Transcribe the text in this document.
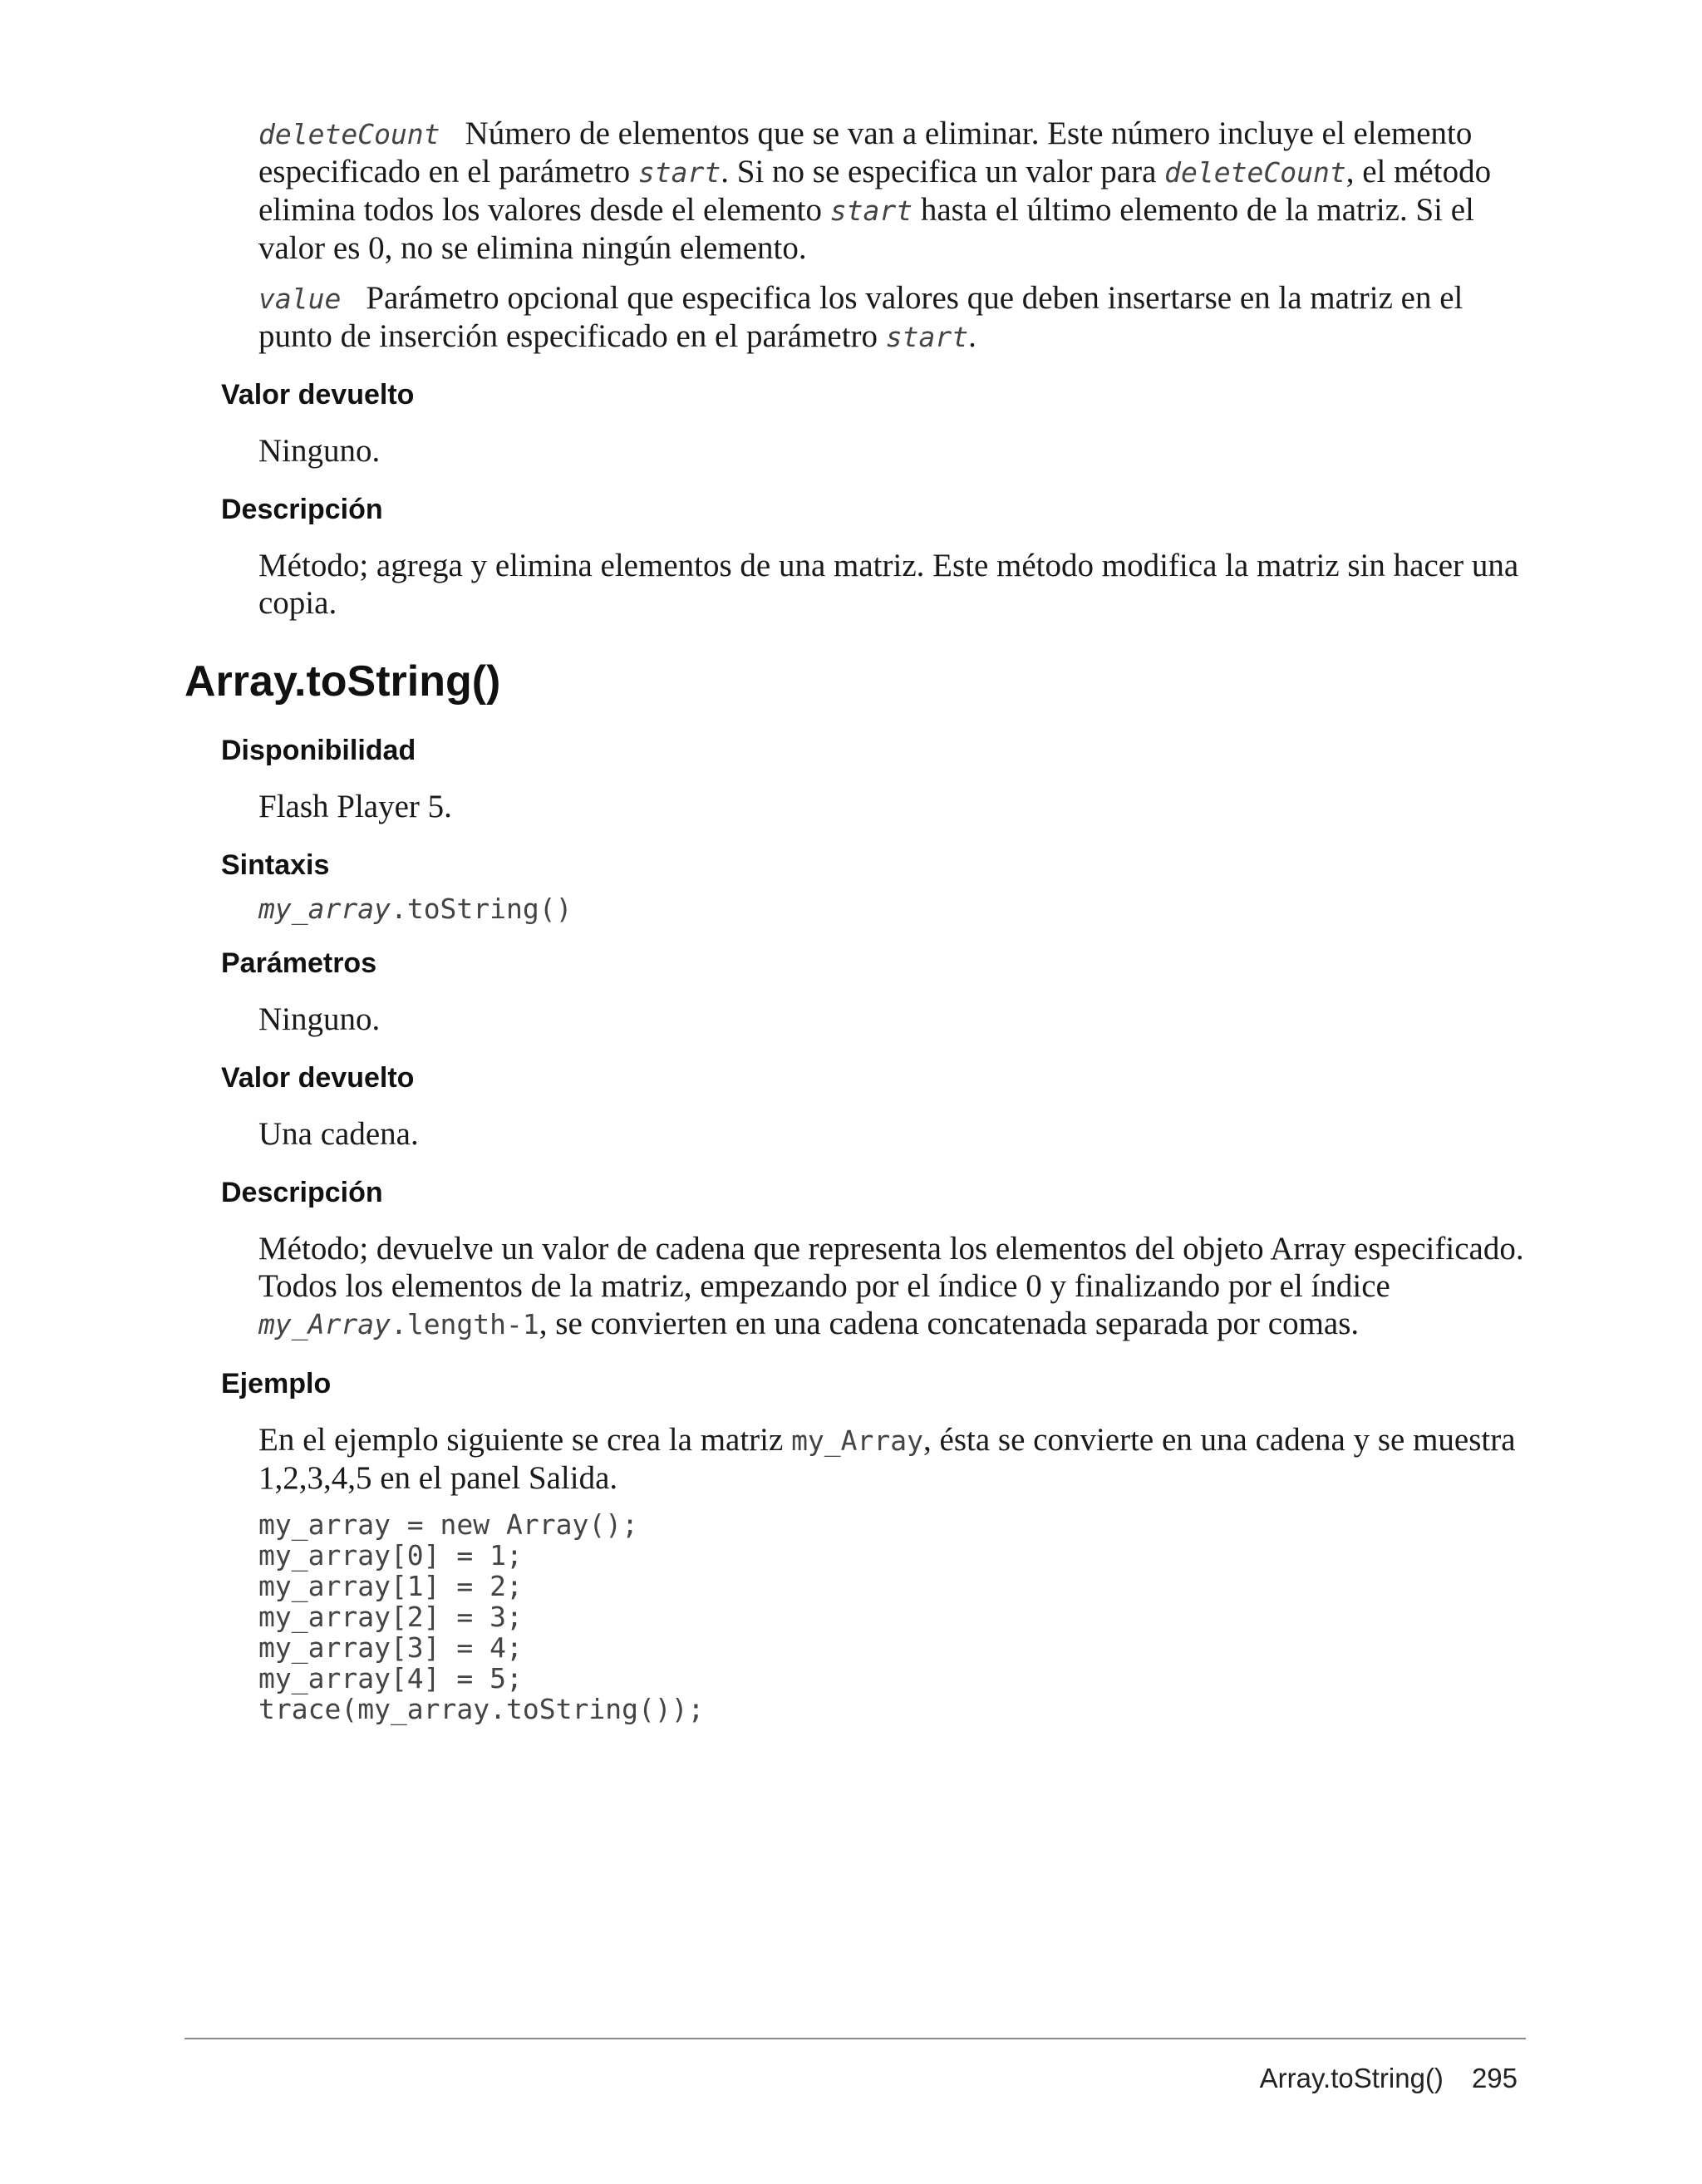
deleteCount Número de elementos que se van a eliminar. Este número incluye el elemento especificado en el parámetro start. Si no se especifica un valor para deleteCount, el método elimina todos los valores desde el elemento start hasta el último elemento de la matriz. Si el valor es 0, no se elimina ningún elemento.

value Parámetro opcional que especifica los valores que deben insertarse en la matriz en el punto de inserción especificado en el parámetro start.

Valor devuelto

Ninguno.

Descripción

Método; agrega y elimina elementos de una matriz. Este método modifica la matriz sin hacer una copia.

Array.toString()
Disponibilidad

Flash Player 5.

Sintaxis

my_array.toString()

Parámetros

Ninguno.

Valor devuelto

Una cadena.

Descripción

Método; devuelve un valor de cadena que representa los elementos del objeto Array especificado. Todos los elementos de la matriz, empezando por el índice 0 y finalizando por el índice my_Array.length-1, se convierten en una cadena concatenada separada por comas.

Ejemplo

En el ejemplo siguiente se crea la matriz my_Array, ésta se convierte en una cadena y se muestra 1,2,3,4,5 en el panel Salida.

my_array = new Array();
my_array[0] = 1;
my_array[1] = 2;
my_array[2] = 3;
my_array[3] = 4;
my_array[4] = 5;
trace(my_array.toString());
Array.toString() 295
